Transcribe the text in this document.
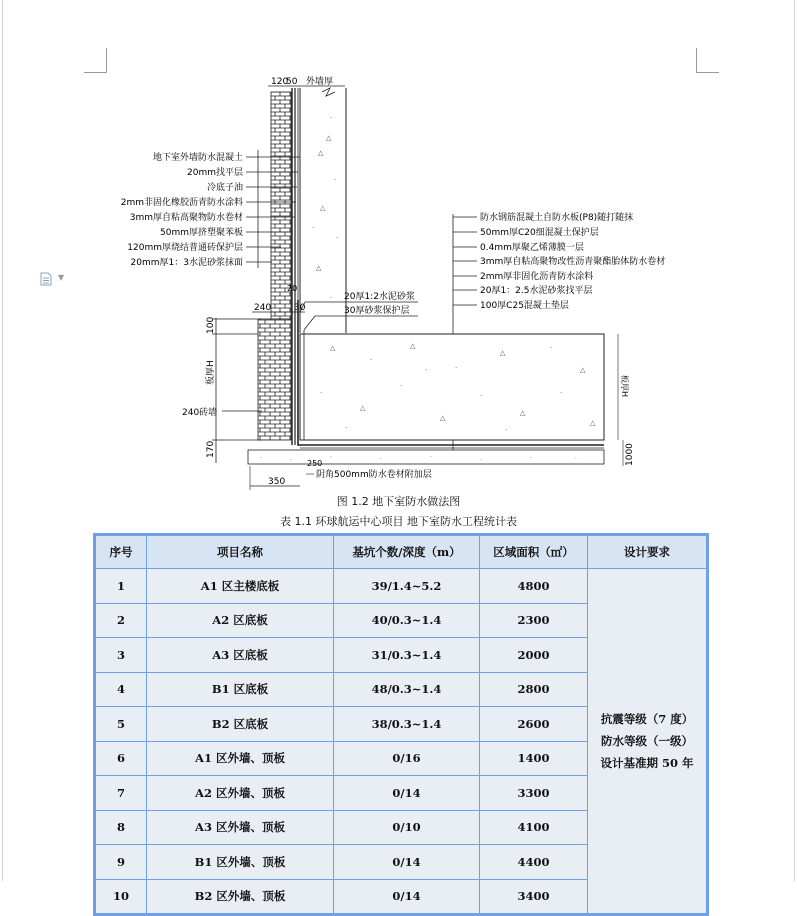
▼
120
50 外墙厚
·
△
·
△
·
△
·
△
·
地下室外墙防水混凝土
20mm找平层
冷底子油
2mm非固化橡胶沥青防水涂料
3mm厚自粘高聚物防水卷材
50mm厚挤塑聚苯板
120mm厚烧结普通砖保护层
20mm厚1：3水泥砂浆抹面
防水钢筋混凝土自防水板(P8)随打随抹
50mm厚C20细混凝土保护层
0.4mm厚聚乙烯薄膜一层
3mm厚自粘高聚物改性沥青聚酯胎体防水卷材
2mm厚非固化沥青防水涂料
20厚1：2.5水泥砂浆找平层
100厚C25混凝土垫层
20厚1:2水泥砂浆
30厚砂浆保护层
20
240	30
100
板厚H
170
240砖墙
△
·
△
·
△
·
△
·
△
·
△
·
△
·
·
△
·
·
板厚H
·	·	·	·	·	·	·	·	1000
250
阴角500mm防水卷材附加层
350
图 1.2 地下室防水做法图
表 1.1 环球航运中心项目 地下室防水工程统计表
序号	项目名称	基坑个数/深度（m）	区域面积（㎡）	设计要求
1	A1 区主楼底板	39/1.4~5.2	4800	抗震等级（7 度）
防水等级（一级）
设计基准期 50 年

2	A2 区底板	40/0.3~1.4	2300	
3	A3 区底板	31/0.3~1.4	2000	
4	B1 区底板	48/0.3~1.4	2800	
5	B2 区底板	38/0.3~1.4	2600	
6	A1 区外墙、顶板	0/16	1400	
7	A2 区外墙、顶板	0/14	3300	
8	A3 区外墙、顶板	0/10	4100	
9	B1 区外墙、顶板	0/14	4400	
10	B2 区外墙、顶板	0/14	3400	
